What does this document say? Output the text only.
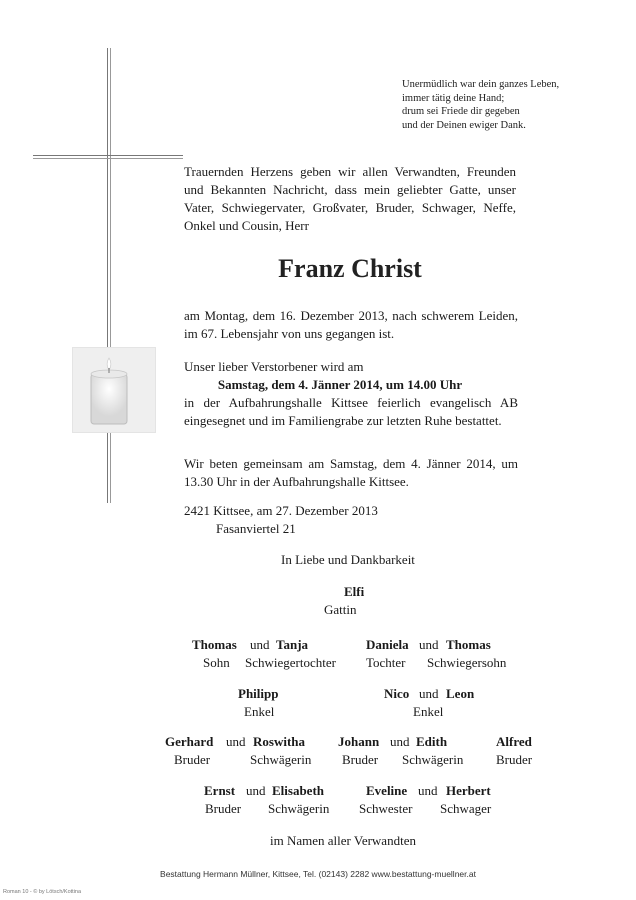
Unermüdlich war dein ganzes Leben,
immer tätig deine Hand;
drum sei Friede dir gegeben
und der Deinen ewiger Dank.
Trauernden Herzens geben wir allen Verwandten, Freunden und Bekannten Nachricht, dass mein geliebter Gatte, unser Vater, Schwiegervater, Großvater, Bruder, Schwager, Neffe, Onkel und Cousin, Herr
Franz Christ
am Montag, dem 16. Dezember 2013, nach schwerem Leiden, im 67. Lebensjahr von uns gegangen ist.
Unser lieber Verstorbener wird am
Samstag, dem 4. Jänner 2014, um 14.00 Uhr
in der Aufbahrungshalle Kittsee feierlich evangelisch AB eingesegnet und im Familiengrabe zur letzten Ruhe bestattet.
Wir beten gemeinsam am Samstag, dem 4. Jänner 2014, um 13.30 Uhr in der Aufbahrungshalle Kittsee.
2421 Kittsee, am 27. Dezember 2013
Fasanviertel 21
In Liebe und Dankbarkeit
Elfi
Gattin
Thomas und Tanja
Sohn Schwiegertochter
Daniela und Thomas
Tochter Schwiegersohn
Philipp
Enkel
Nico und Leon
Enkel
Gerhard und Roswitha
Bruder	Schwägerin
Johann und Edith
Bruder Schwägerin
Alfred
Bruder
Ernst und Elisabeth
Bruder Schwägerin
Eveline und Herbert
Schwester Schwager
im Namen aller Verwandten
Bestattung Hermann Müllner, Kittsee, Tel. (02143) 2282 www.bestattung-muellner.at
Roman 10 - © by Lötsch/Kottina
